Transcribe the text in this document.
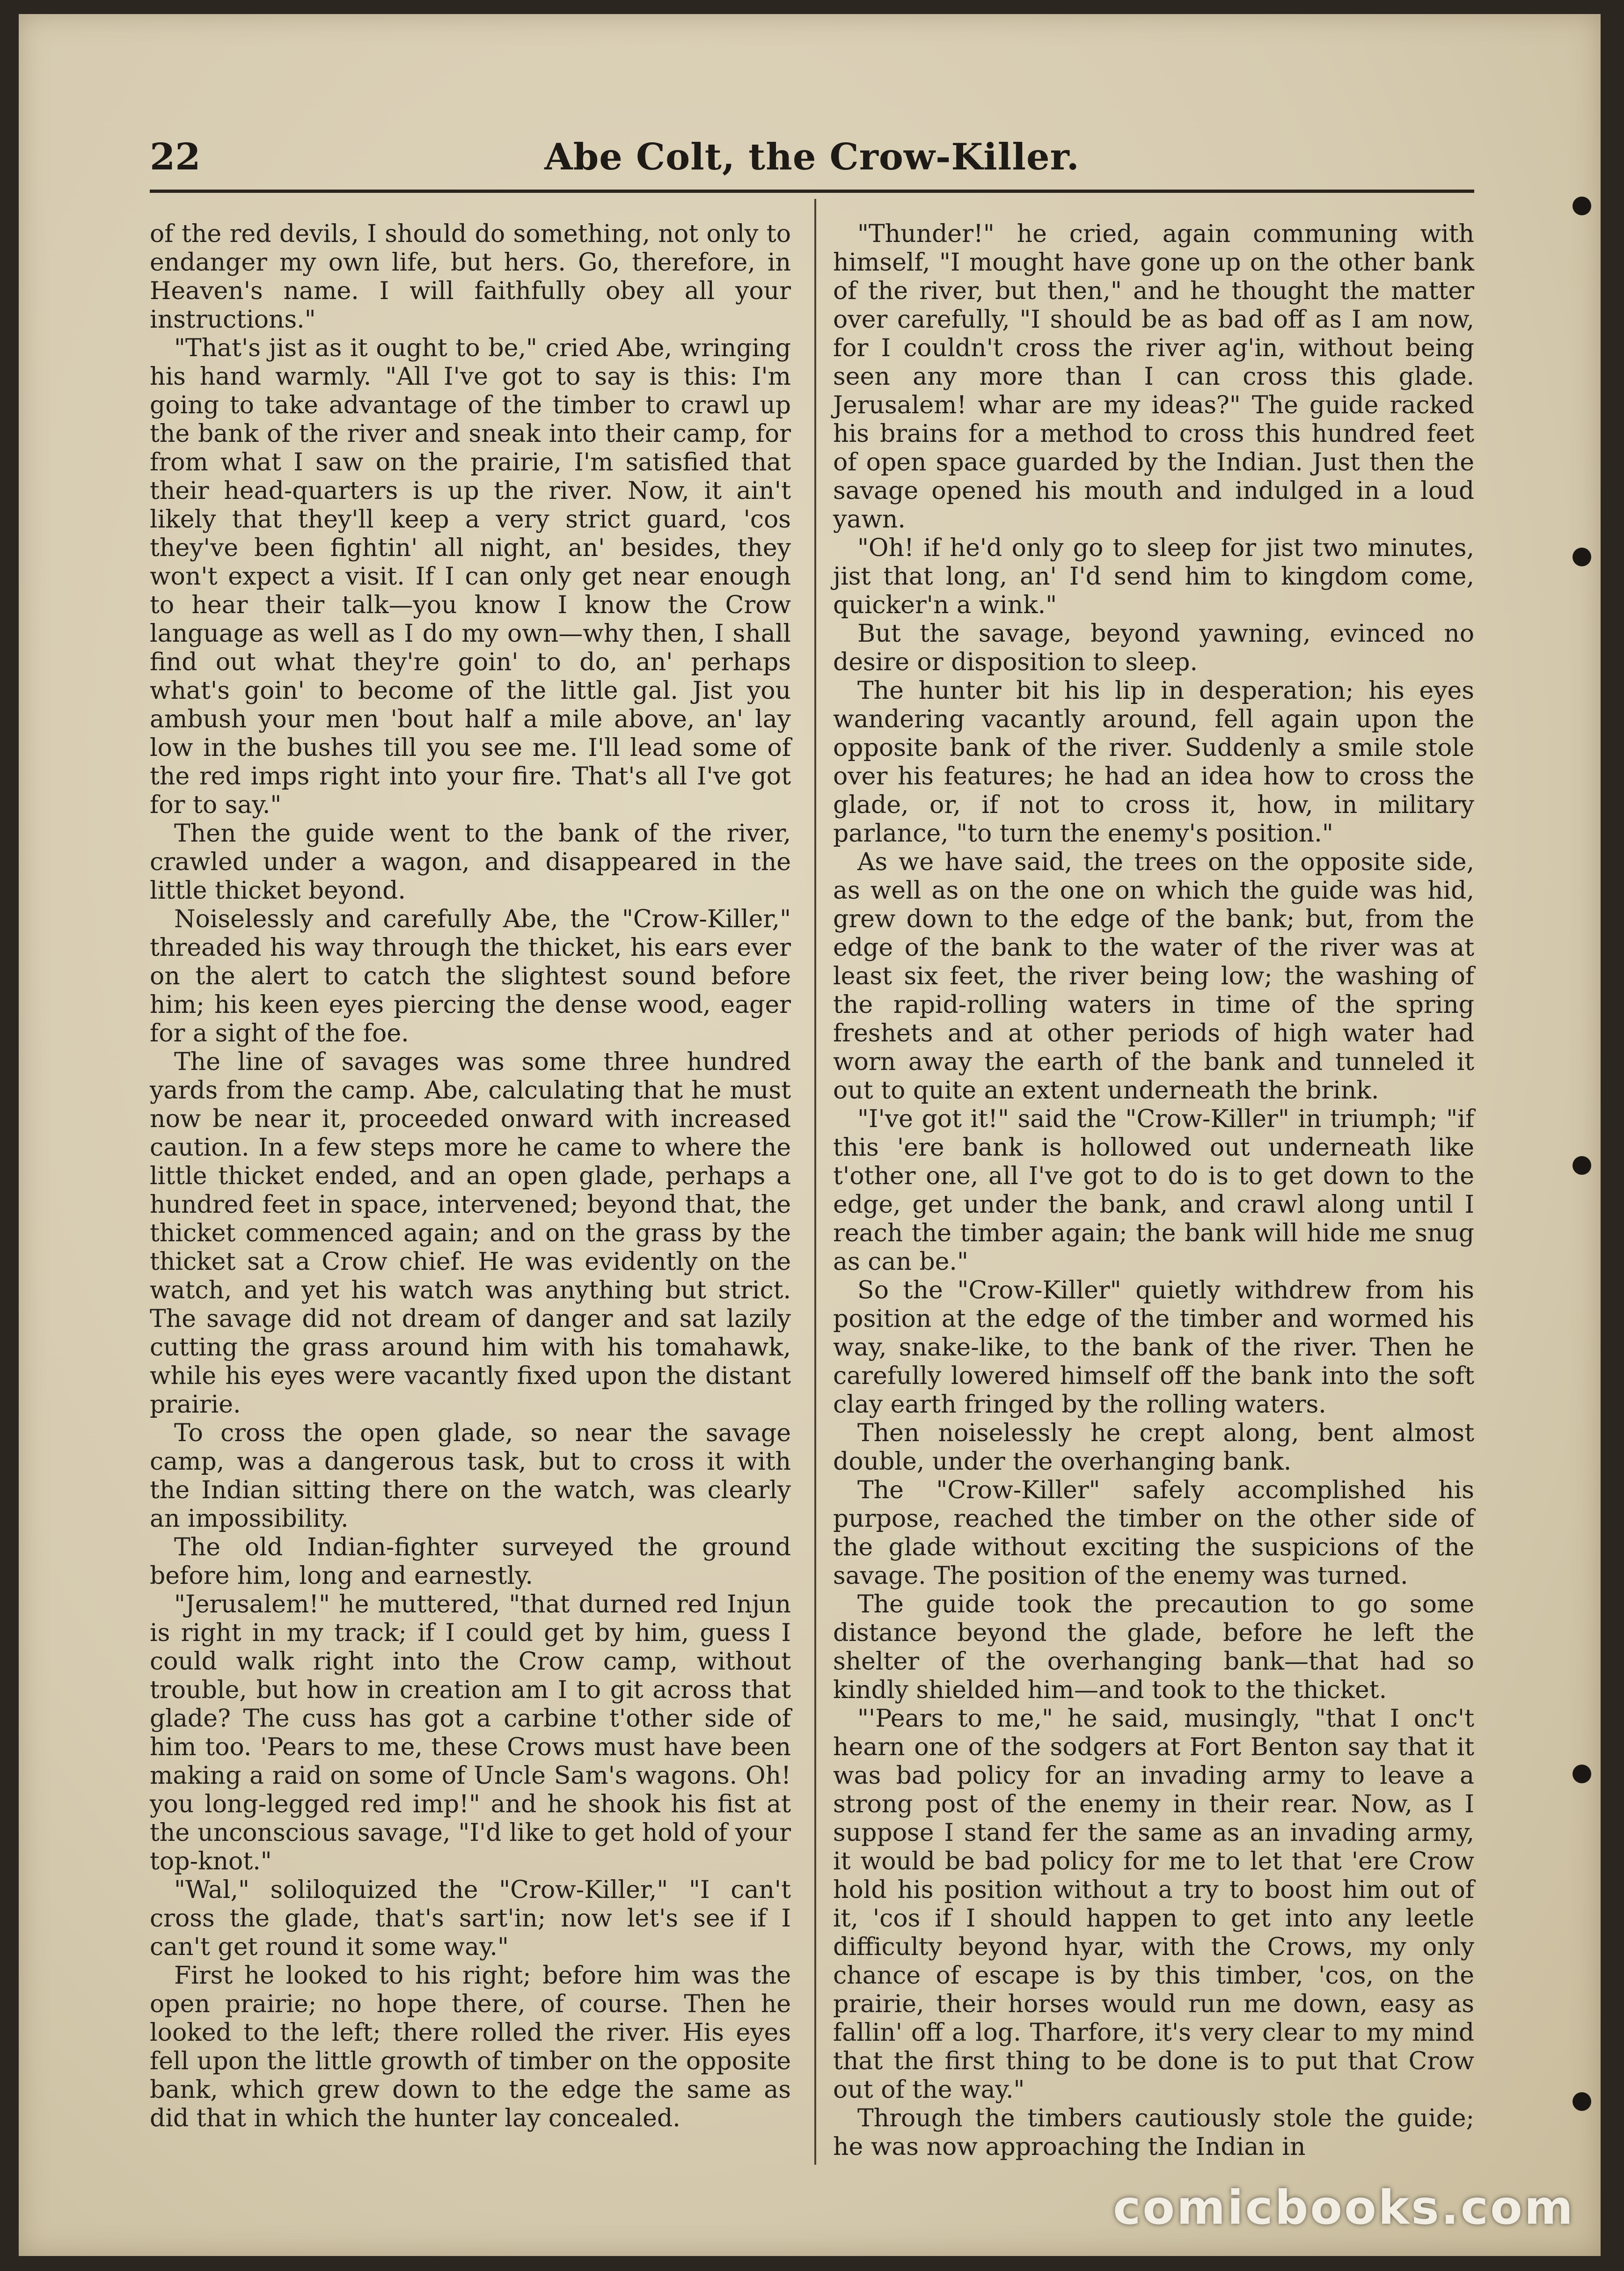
22	Abe Colt, the Crow-Killer.

of the red devils, I should do something, not only to endanger my own life, but hers. Go, therefore, in Heaven's name. I will faithfully obey all your instructions."

"That's jist as it ought to be," cried Abe, wringing his hand warmly. "All I've got to say is this: I'm going to take advantage of the timber to crawl up the bank of the river and sneak into their camp, for from what I saw on the prairie, I'm satisfied that their head-quarters is up the river. Now, it ain't likely that they'll keep a very strict guard, 'cos they've been fightin' all night, an' besides, they won't expect a visit. If I can only get near enough to hear their talk—you know I know the Crow language as well as I do my own—why then, I shall find out what they're goin' to do, an' perhaps what's goin' to become of the little gal. Jist you ambush your men 'bout half a mile above, an' lay low in the bushes till you see me. I'll lead some of the red imps right into your fire. That's all I've got for to say."

Then the guide went to the bank of the river, crawled under a wagon, and disappeared in the little thicket beyond.

Noiselessly and carefully Abe, the "Crow-Killer," threaded his way through the thicket, his ears ever on the alert to catch the slightest sound before him; his keen eyes piercing the dense wood, eager for a sight of the foe.

The line of savages was some three hundred yards from the camp. Abe, calculating that he must now be near it, proceeded onward with increased caution. In a few steps more he came to where the little thicket ended, and an open glade, perhaps a hundred feet in space, intervened; beyond that, the thicket commenced again; and on the grass by the thicket sat a Crow chief. He was evidently on the watch, and yet his watch was anything but strict. The savage did not dream of danger and sat lazily cutting the grass around him with his tomahawk, while his eyes were vacantly fixed upon the distant prairie.

To cross the open glade, so near the savage camp, was a dangerous task, but to cross it with the Indian sitting there on the watch, was clearly an impossibility.

The old Indian-fighter surveyed the ground before him, long and earnestly.

"Jerusalem!" he muttered, "that durned red Injun is right in my track; if I could get by him, guess I could walk right into the Crow camp, without trouble, but how in creation am I to git across that glade? The cuss has got a carbine t'other side of him too. 'Pears to me, these Crows must have been making a raid on some of Uncle Sam's wagons. Oh! you long-legged red imp!" and he shook his fist at the unconscious savage, "I'd like to get hold of your top-knot."

"Wal," soliloquized the "Crow-Killer," "I can't cross the glade, that's sart'in; now let's see if I can't get round it some way."

First he looked to his right; before him was the open prairie; no hope there, of course. Then he looked to the left; there rolled the river. His eyes fell upon the little growth of timber on the opposite bank, which grew down to the edge the same as did that in which the hunter lay concealed.

"Thunder!" he cried, again communing with himself, "I mought have gone up on the other bank of the river, but then," and he thought the matter over carefully, "I should be as bad off as I am now, for I couldn't cross the river ag'in, without being seen any more than I can cross this glade. Jerusalem! whar are my ideas?" The guide racked his brains for a method to cross this hundred feet of open space guarded by the Indian. Just then the savage opened his mouth and indulged in a loud yawn.

"Oh! if he'd only go to sleep for jist two minutes, jist that long, an' I'd send him to kingdom come, quicker'n a wink."

But the savage, beyond yawning, evinced no desire or disposition to sleep.

The hunter bit his lip in desperation; his eyes wandering vacantly around, fell again upon the opposite bank of the river. Suddenly a smile stole over his features; he had an idea how to cross the glade, or, if not to cross it, how, in military parlance, "to turn the enemy's position."

As we have said, the trees on the opposite side, as well as on the one on which the guide was hid, grew down to the edge of the bank; but, from the edge of the bank to the water of the river was at least six feet, the river being low; the washing of the rapid-rolling waters in time of the spring freshets and at other periods of high water had worn away the earth of the bank and tunneled it out to quite an extent underneath the brink.

"I've got it!" said the "Crow-Killer" in triumph; "if this 'ere bank is hollowed out underneath like t'other one, all I've got to do is to get down to the edge, get under the bank, and crawl along until I reach the timber again; the bank will hide me snug as can be."

So the "Crow-Killer" quietly withdrew from his position at the edge of the timber and wormed his way, snake-like, to the bank of the river. Then he carefully lowered himself off the bank into the soft clay earth fringed by the rolling waters.

Then noiselessly he crept along, bent almost double, under the overhanging bank.

The "Crow-Killer" safely accomplished his purpose, reached the timber on the other side of the glade without exciting the suspicions of the savage. The position of the enemy was turned.

The guide took the precaution to go some distance beyond the glade, before he left the shelter of the overhanging bank—that had so kindly shielded him—and took to the thicket.

"'Pears to me," he said, musingly, "that I onc't hearn one of the sodgers at Fort Benton say that it was bad policy for an invading army to leave a strong post of the enemy in their rear. Now, as I suppose I stand fer the same as an invading army, it would be bad policy for me to let that 'ere Crow hold his position without a try to boost him out of it, 'cos if I should happen to get into any leetle difficulty beyond hyar, with the Crows, my only chance of escape is by this timber, 'cos, on the prairie, their horses would run me down, easy as fallin' off a log. Tharfore, it's very clear to my mind that the first thing to be done is to put that Crow out of the way."

Through the timbers cautiously stole the guide; he was now approaching the Indian in

comicbooks.com
